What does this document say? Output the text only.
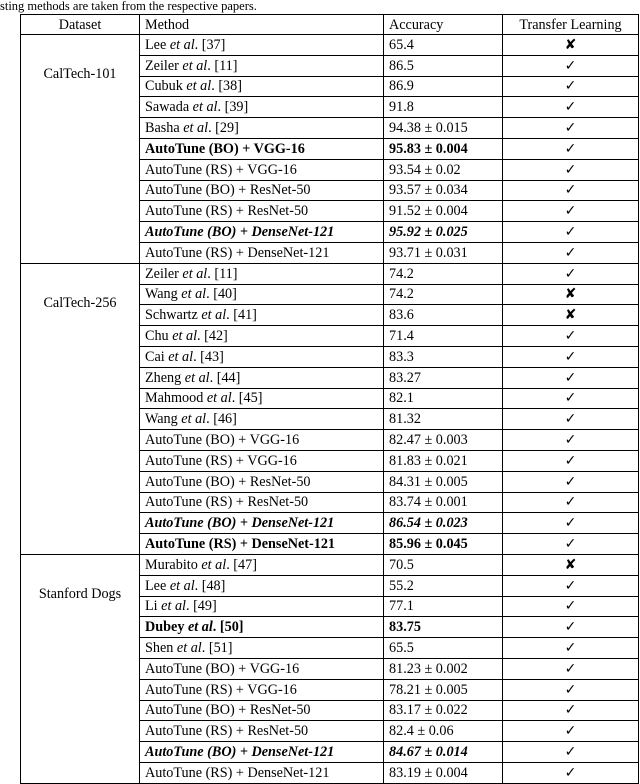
sting methods are taken from the respective papers.
Dataset	Method	Accuracy	Transfer Learning

CalTech-101	Lee et al. [37]	65.4	✘
	Zeiler et al. [11]	86.5	✓
	Cubuk et al. [38]	86.9	✓
	Sawada et al. [39]	91.8	✓
	Basha et al. [29]	94.38 ± 0.015	✓
	AutoTune (BO) + VGG-16	95.83 ± 0.004	✓
	AutoTune (RS) + VGG-16	93.54 ± 0.02	✓
	AutoTune (BO) + ResNet-50	93.57 ± 0.034	✓
	AutoTune (RS) + ResNet-50	91.52 ± 0.004	✓
	AutoTune (BO) + DenseNet-121	95.92 ± 0.025	✓
	AutoTune (RS) + DenseNet-121	93.71 ± 0.031	✓

CalTech-256	Zeiler et al. [11]	74.2	✓
	Wang et al. [40]	74.2	✘
	Schwartz et al. [41]	83.6	✘
	Chu et al. [42]	71.4	✓
	Cai et al. [43]	83.3	✓
	Zheng et al. [44]	83.27	✓
	Mahmood et al. [45]	82.1	✓
	Wang et al. [46]	81.32	✓
	AutoTune (BO) + VGG-16	82.47 ± 0.003	✓
	AutoTune (RS) + VGG-16	81.83 ± 0.021	✓
	AutoTune (BO) + ResNet-50	84.31 ± 0.005	✓
	AutoTune (RS) + ResNet-50	83.74 ± 0.001	✓
	AutoTune (BO) + DenseNet-121	86.54 ± 0.023	✓
	AutoTune (RS) + DenseNet-121	85.96 ± 0.045	✓

Stanford Dogs	Murabito et al. [47]	70.5	✘
	Lee et al. [48]	55.2	✓
	Li et al. [49]	77.1	✓
	Dubey et al. [50]	83.75	✓
	Shen et al. [51]	65.5	✓
	AutoTune (BO) + VGG-16	81.23 ± 0.002	✓
	AutoTune (RS) + VGG-16	78.21 ± 0.005	✓
	AutoTune (BO) + ResNet-50	83.17 ± 0.022	✓
	AutoTune (RS) + ResNet-50	82.4 ± 0.06	✓
	AutoTune (BO) + DenseNet-121	84.67 ± 0.014	✓
	AutoTune (RS) + DenseNet-121	83.19 ± 0.004	✓
